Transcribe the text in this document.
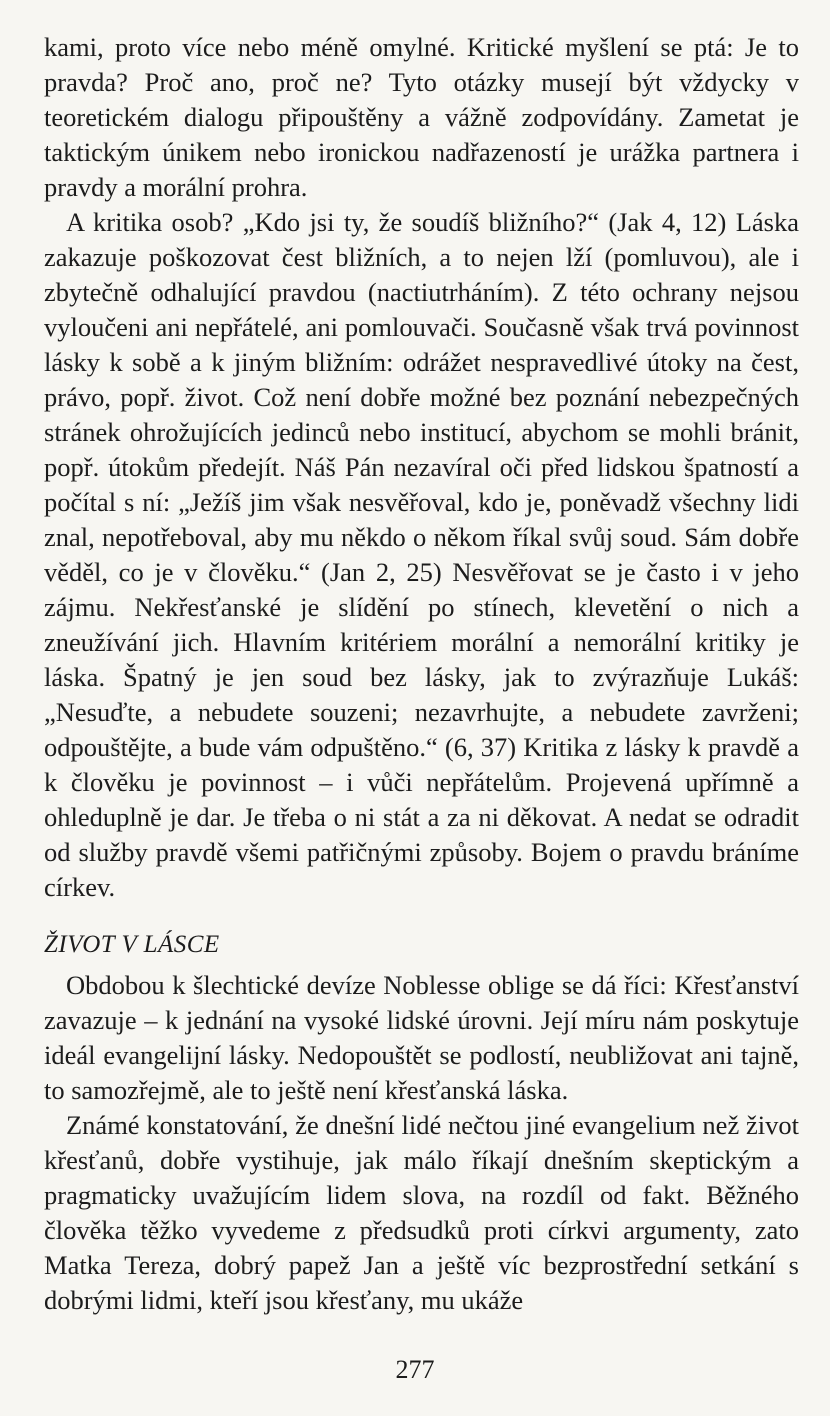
kami, proto více nebo méně omylné. Kritické myšlení se ptá: Je to pravda? Proč ano, proč ne? Tyto otázky musejí být vždycky v teoretickém dialogu připouštěny a vážně zodpovídány. Zametat je taktickým únikem nebo ironickou nadřazeností je urážka partnera i pravdy a morální prohra.

A kritika osob? „Kdo jsi ty, že soudíš bližního?“ (Jak 4, 12) Láska zakazuje poškozovat čest bližních, a to nejen lží (pomluvou), ale i zbytečně odhalující pravdou (nactiutrháním). Z této ochrany nejsou vyloučeni ani nepřátelé, ani pomlouvači. Současně však trvá povinnost lásky k sobě a k jiným bližním: odrážet nespravedlivé útoky na čest, právo, popř. život. Což není dobře možné bez poznání nebezpečných stránek ohrožujících jedinců nebo institucí, abychom se mohli bránit, popř. útokům předejít. Náš Pán nezavíral oči před lidskou špatností a počítal s ní: „Ježíš jim však nesvěřoval, kdo je, poněvadž všechny lidi znal, nepotřeboval, aby mu někdo o někom říkal svůj soud. Sám dobře věděl, co je v člověku.“ (Jan 2, 25) Nesvěřovat se je často i v jeho zájmu. Nekřesťanské je slídění po stínech, klevetění o nich a zneužívání jich. Hlavním kritériem morální a nemorální kritiky je láska. Špatný je jen soud bez lásky, jak to zvýrazňuje Lukáš: „Nesuďte, a nebudete souzeni; nezavrhujte, a nebudete zavrženi; odpouštějte, a bude vám odpuštěno.“ (6, 37) Kritika z lásky k pravdě a k člověku je povinnost – i vůči nepřátelům. Projevená upřímně a ohleduplně je dar. Je třeba o ni stát a za ni děkovat. A nedat se odradit od služby pravdě všemi patřičnými způsoby. Bojem o pravdu bráníme církev.

ŽIVOT V LÁSCE

Obdobou k šlechtické devíze Noblesse oblige se dá říci: Křesťanství zavazuje – k jednání na vysoké lidské úrovni. Její míru nám poskytuje ideál evangelijní lásky. Nedopouštět se podlostí, neubližovat ani tajně, to samozřejmě, ale to ještě není křesťanská láska.

Známé konstatování, že dnešní lidé nečtou jiné evangelium než život křesťanů, dobře vystihuje, jak málo říkají dnešním skeptickým a pragmaticky uvažujícím lidem slova, na rozdíl od fakt. Běžného člověka těžko vyvedeme z předsudků proti církvi argumenty, zato Matka Tereza, dobrý papež Jan a ještě víc bezprostřední setkání s dobrými lidmi, kteří jsou křesťany, mu ukáže

277
